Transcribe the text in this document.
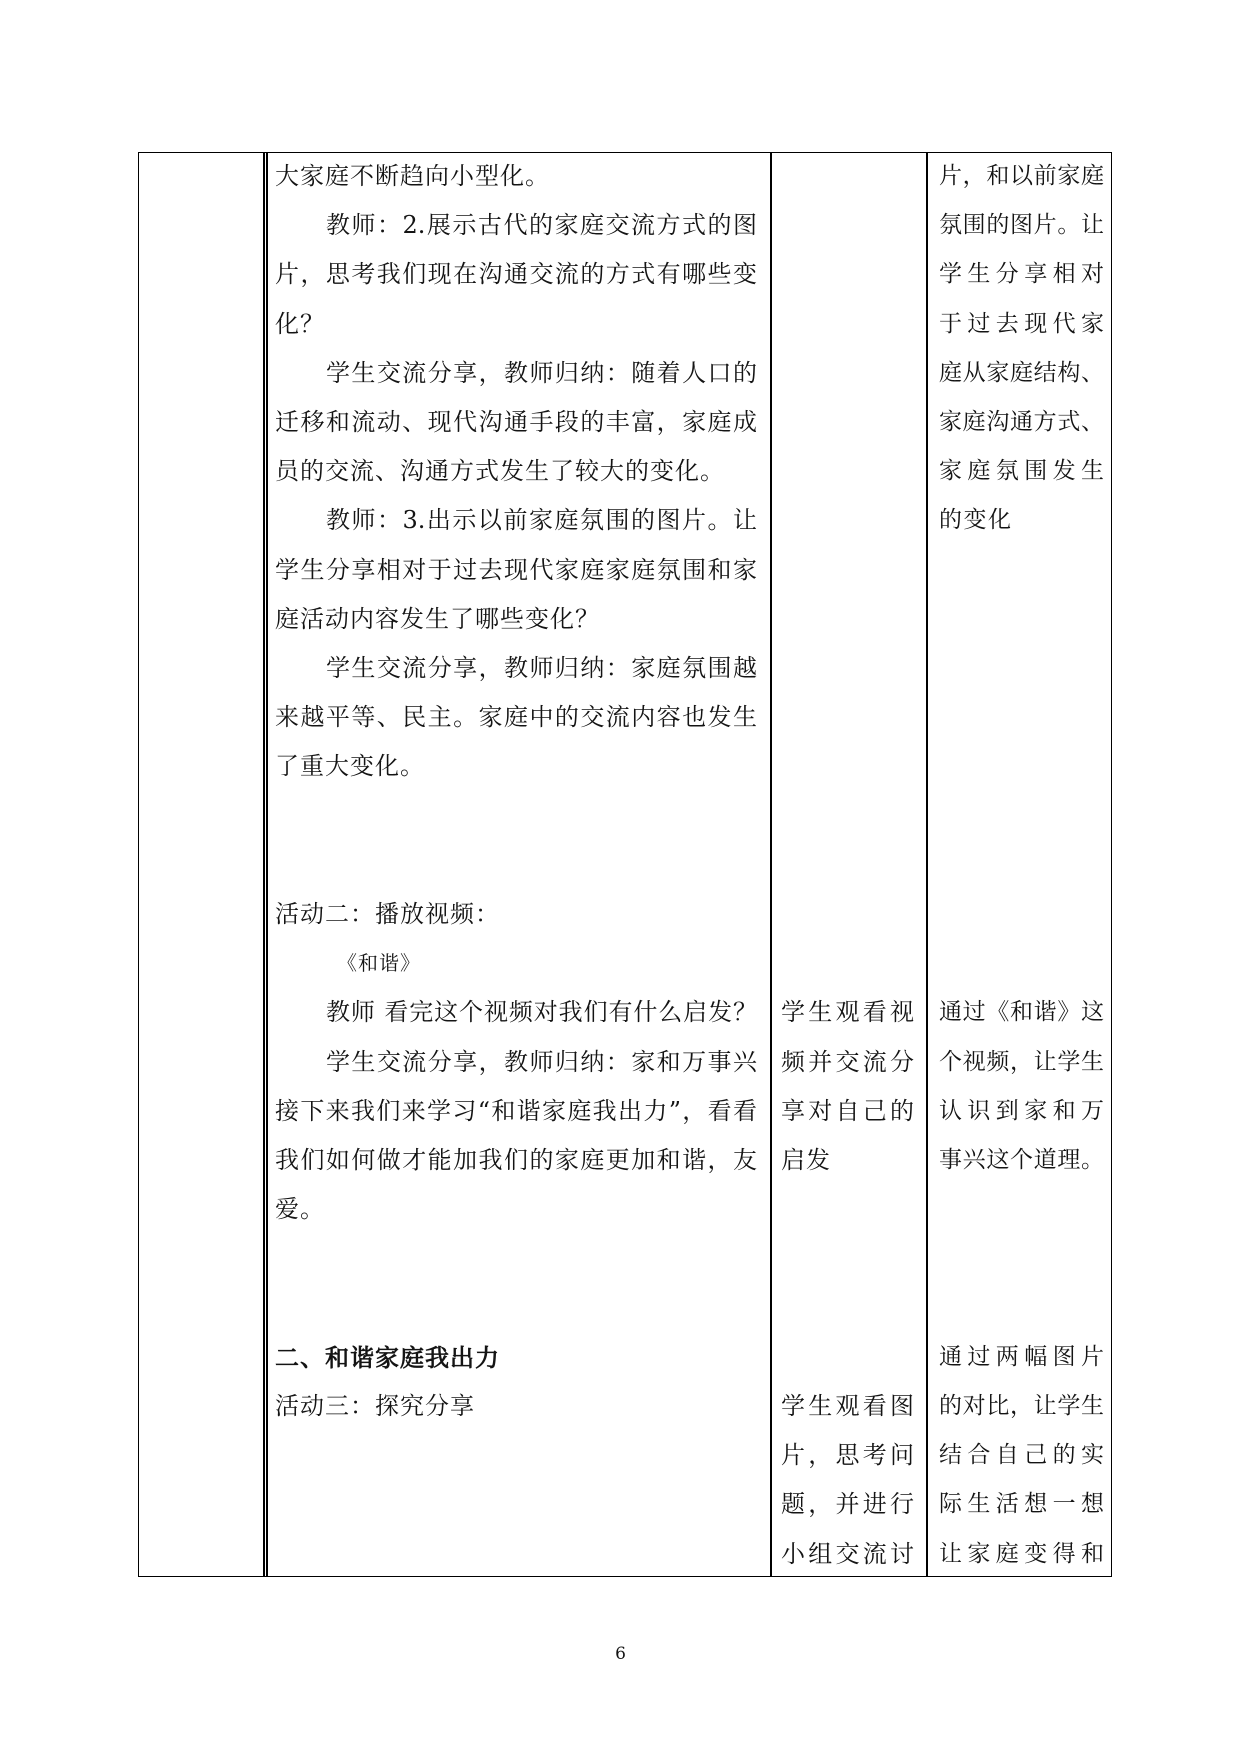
大家庭不断趋向小型化。
教师：2.展示古代的家庭交流方式的图
片，思考我们现在沟通交流的方式有哪些变
化？
学生交流分享，教师归纳：随着人口的
迁移和流动、现代沟通手段的丰富，家庭成
员的交流、沟通方式发生了较大的变化。
教师：3.出示以前家庭氛围的图片。让
学生分享相对于过去现代家庭家庭氛围和家
庭活动内容发生了哪些变化？
学生交流分享，教师归纳：家庭氛围越
来越平等、民主。家庭中的交流内容也发生
了重大变化。
活动二：播放视频：
《和谐》
教师 看完这个视频对我们有什么启发？
学生交流分享，教师归纳：家和万事兴
接下来我们来学习“和谐家庭我出力”，看看
我们如何做才能加我们的家庭更加和谐，友
爱。
二、和谐家庭我出力
活动三：探究分享
学生观看视
频并交流分
享对自己的
启发
学生观看图
片，思考问
题，并进行
小组交流讨
片，和以前家庭
氛围的图片。让
学生分享相对
于过去现代家
庭从家庭结构、
家庭沟通方式、
家庭氛围发生
的变化
通过《和谐》这
个视频，让学生
认识到家和万
事兴这个道理。
通过两幅图片
的对比，让学生
结合自己的实
际生活想一想
让家庭变得和
6
